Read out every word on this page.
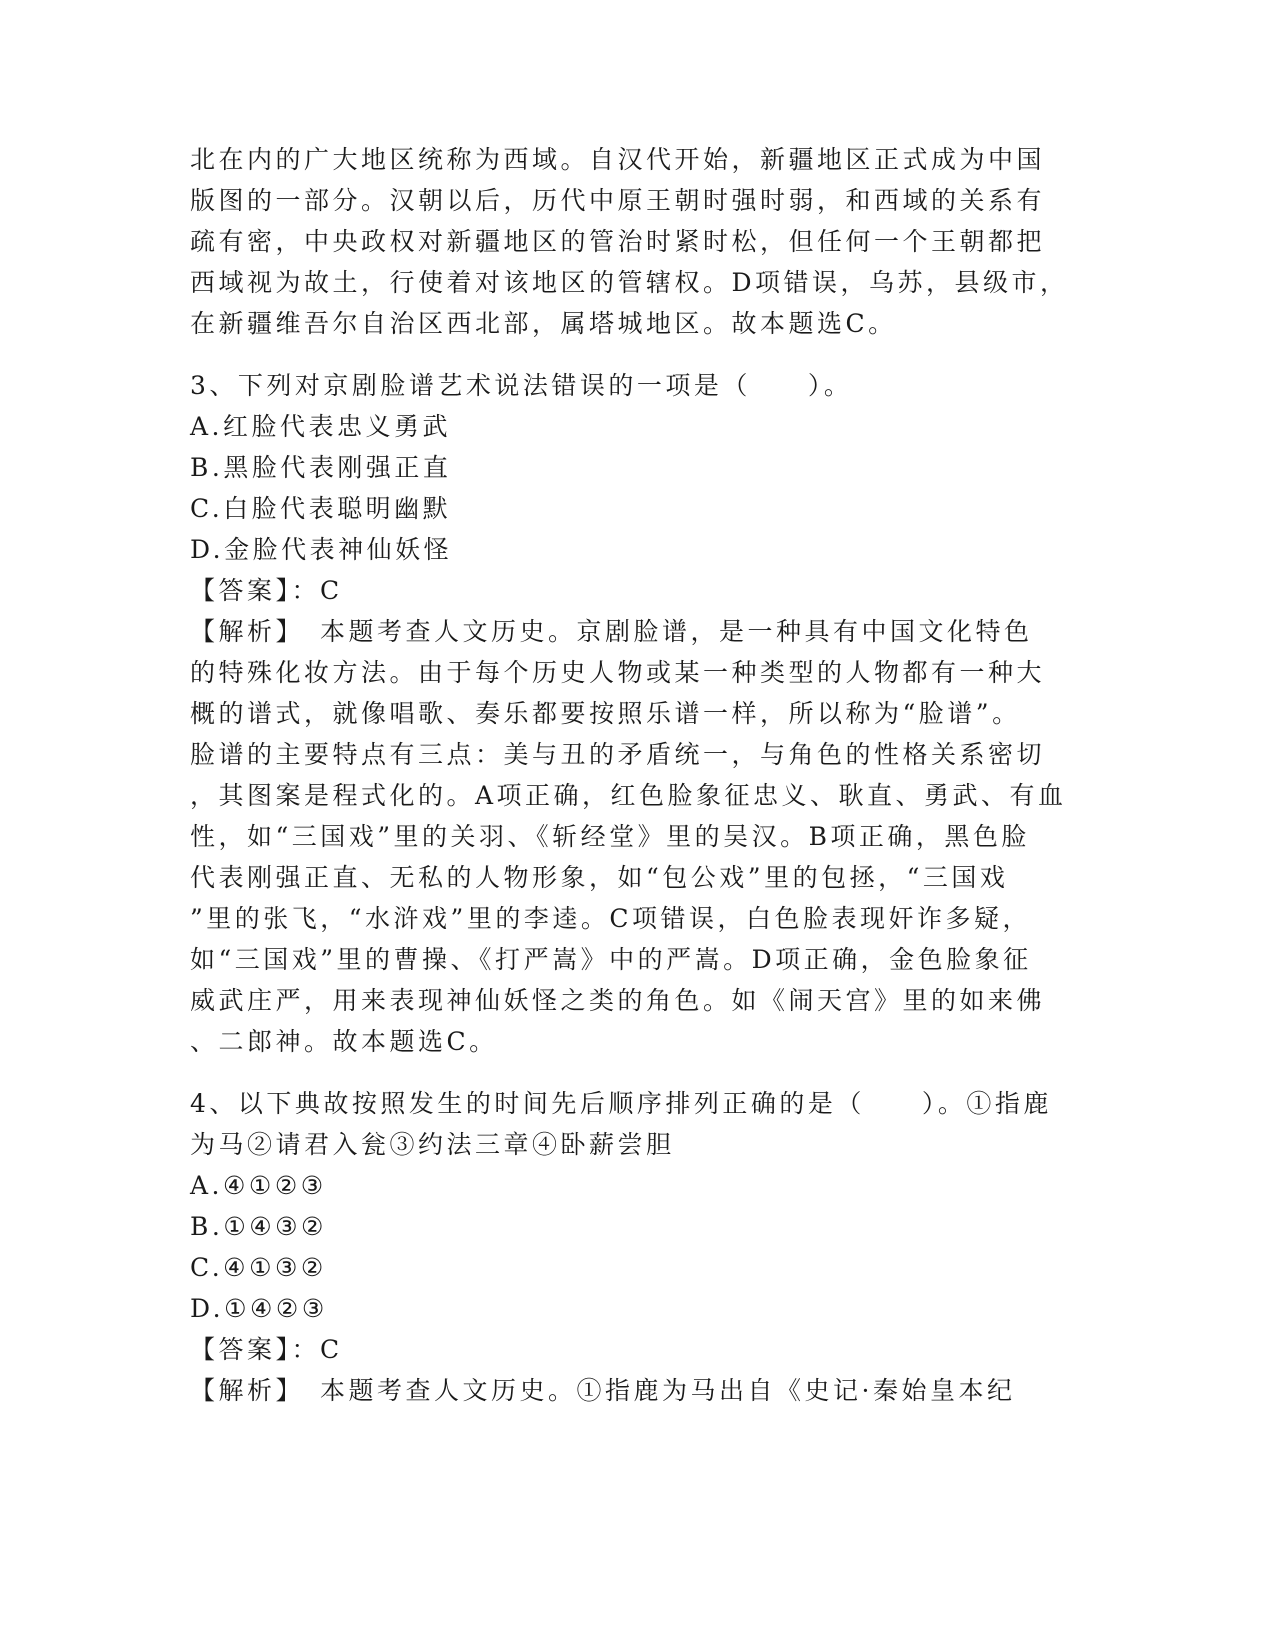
北在内的广大地区统称为西域。自汉代开始，新疆地区正式成为中国
版图的一部分。汉朝以后，历代中原王朝时强时弱，和西域的关系有
疏有密，中央政权对新疆地区的管治时紧时松，但任何一个王朝都把
西域视为故土，行使着对该地区的管辖权。D项错误，乌苏，县级市，
在新疆维吾尔自治区西北部，属塔城地区。故本题选C。
3、下列对京剧脸谱艺术说法错误的一项是（　　）。
A.红脸代表忠义勇武
B.黑脸代表刚强正直
C.白脸代表聪明幽默
D.金脸代表神仙妖怪
【答案】：C
【解析】　本题考查人文历史。京剧脸谱，是一种具有中国文化特色
的特殊化妆方法。由于每个历史人物或某一种类型的人物都有一种大
概的谱式，就像唱歌、奏乐都要按照乐谱一样，所以称为“脸谱”。
脸谱的主要特点有三点：美与丑的矛盾统一，与角色的性格关系密切
，其图案是程式化的。A项正确，红色脸象征忠义、耿直、勇武、有血
性，如“三国戏”里的关羽、《斩经堂》里的吴汉。B项正确，黑色脸
代表刚强正直、无私的人物形象，如“包公戏”里的包拯，“三国戏
”里的张飞，“水浒戏”里的李逵。C项错误，白色脸表现奸诈多疑，
如“三国戏”里的曹操、《打严嵩》中的严嵩。D项正确，金色脸象征
威武庄严，用来表现神仙妖怪之类的角色。如《闹天宫》里的如来佛
、二郎神。故本题选C。
4、以下典故按照发生的时间先后顺序排列正确的是（　　）。①指鹿
为马②请君入瓮③约法三章④卧薪尝胆
A.④①②③
B.①④③②
C.④①③②
D.①④②③
【答案】：C
【解析】　本题考查人文历史。①指鹿为马出自《史记·秦始皇本纪
